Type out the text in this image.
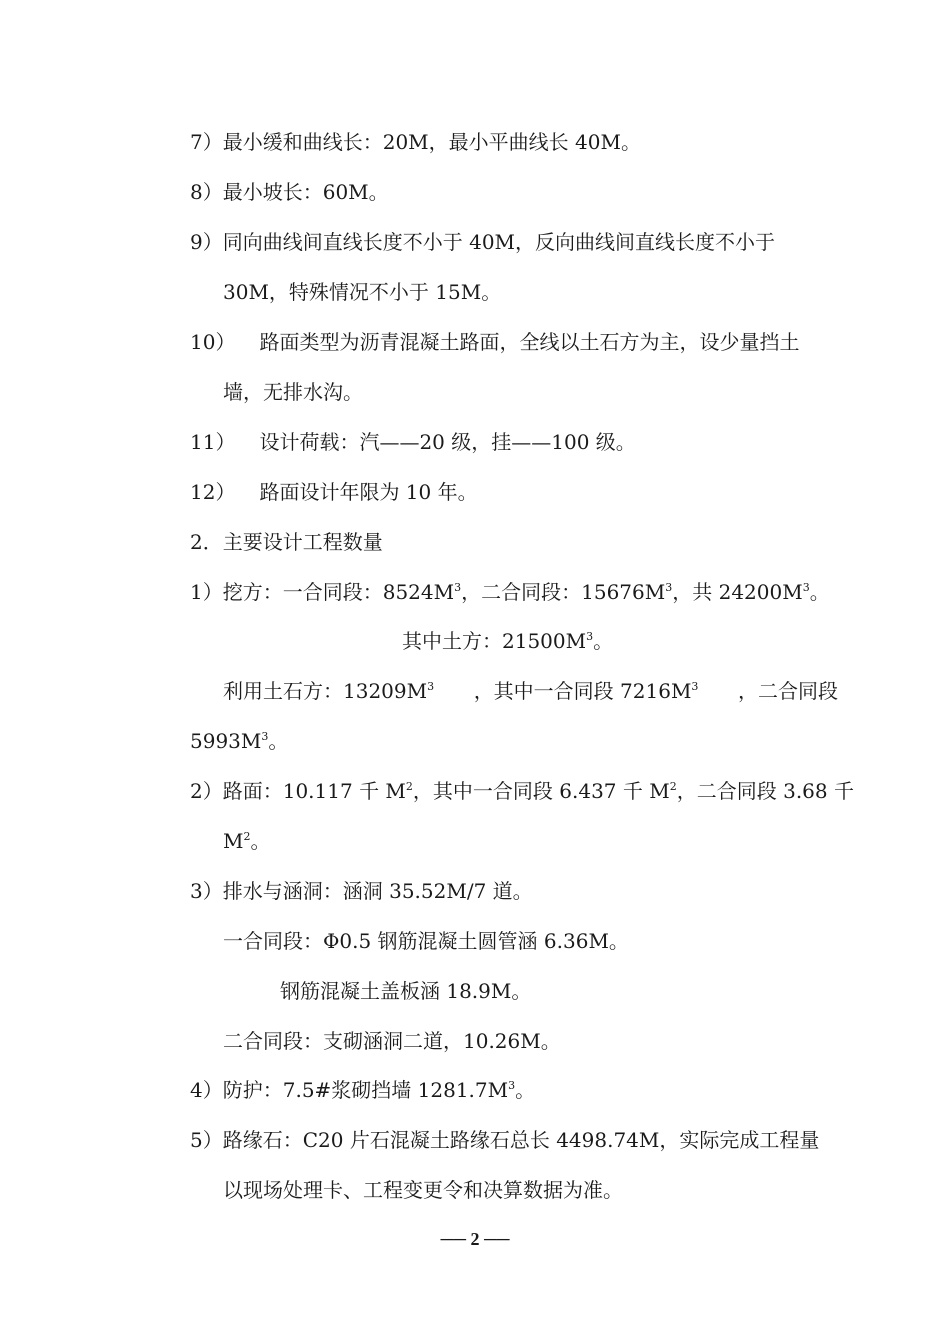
7）最小缓和曲线长：20M，最小平曲线长 40M。
8）最小坡长：60M。
9）同向曲线间直线长度不小于 40M，反向曲线间直线长度不小于
30M，特殊情况不小于 15M。
10） 路面类型为沥青混凝土路面，全线以土石方为主，设少量挡土
墙，无排水沟。
11） 设计荷载：汽——20 级，挂——100 级。
12） 路面设计年限为 10 年。
2．主要设计工程数量
1）挖方：一合同段：$8524M^3$，二合同段：$15676M^3$，共 $24200M^3$。
其中土方：$21500M^3$。
利用土石方：$13209M^3$ ，其中一合同段 $7216M^3$ ，二合同段
$5993M^3$。
2）路面：10.117 千 $M^2$，其中一合同段 6.437 千 $M^2$，二合同段 3.68 千
$M^2$。
3）排水与涵洞：涵洞 35.52M/7 道。
一合同段：Φ0.5 钢筋混凝土圆管涵 6.36M。
钢筋混凝土盖板涵 18.9M。
二合同段：支砌涵洞二道，10.26M。
4）防护：7.5#浆砌挡墙 $1281.7M^3$。
5）路缘石：C20 片石混凝土路缘石总长 4498.74M，实际完成工程量
以现场处理卡、工程变更令和决算数据为准。
── 2 ──
